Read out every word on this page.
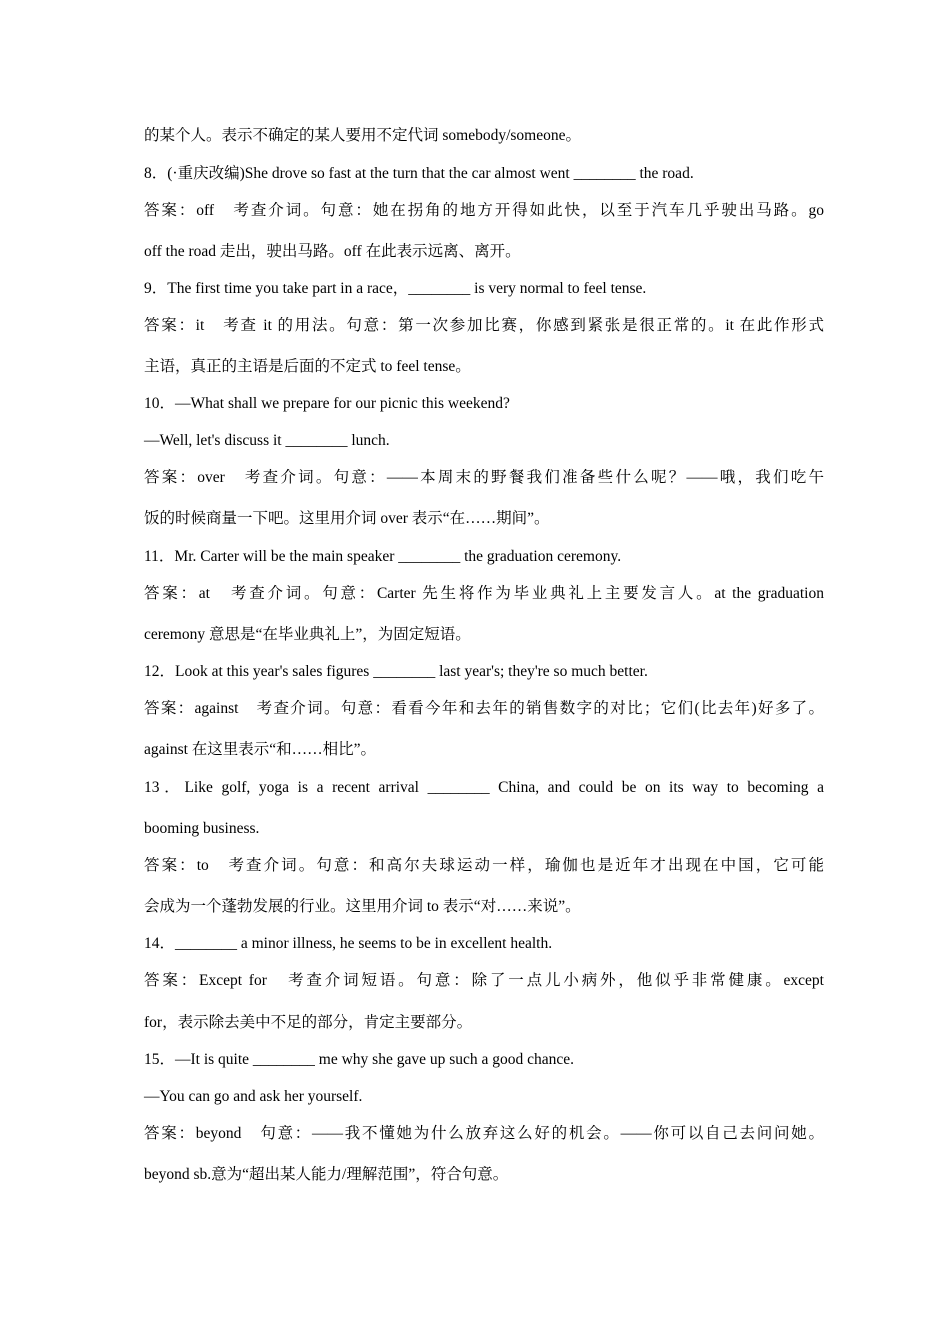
的某个人。表示不确定的某人要用不定代词 somebody/someone。
8．(·重庆改编)She drove so fast at the turn that the car almost went ________ the road.
答案：off　考查介词。句意：她在拐角的地方开得如此快，以至于汽车几乎驶出马路。go
off the road 走出，驶出马路。off 在此表示远离、离开。
9．The first time you take part in a race，________ is very normal to feel tense.
答案：it　考查 it 的用法。句意：第一次参加比赛，你感到紧张是很正常的。it 在此作形式
主语，真正的主语是后面的不定式 to feel tense。
10．—What shall we prepare for our picnic this weekend?
—Well, let's discuss it ________ lunch.
答案：over　考查介词。句意：——本周末的野餐我们准备些什么呢？——哦，我们吃午
饭的时候商量一下吧。这里用介词 over 表示“在……期间”。
11．Mr. Carter will be the main speaker ________ the graduation ceremony.
答案：at　考查介词。句意：Carter 先生将作为毕业典礼上主要发言人。at the graduation
ceremony 意思是“在毕业典礼上”，为固定短语。
12．Look at this year's sales figures ________ last year's; they're so much better.
答案：against　考查介词。句意：看看今年和去年的销售数字的对比；它们(比去年)好多了。
against 在这里表示“和……相比”。
13．Like golf, yoga is a recent arrival ________ China, and could be on its way to becoming a
booming business.
答案：to　考查介词。句意：和高尔夫球运动一样，瑜伽也是近年才出现在中国，它可能
会成为一个蓬勃发展的行业。这里用介词 to 表示“对……来说”。
14．________ a minor illness, he seems to be in excellent health.
答案：Except for　考查介词短语。句意：除了一点儿小病外，他似乎非常健康。except
for，表示除去美中不足的部分，肯定主要部分。
15．—It is quite ________ me why she gave up such a good chance.
—You can go and ask her yourself.
答案：beyond　句意：——我不懂她为什么放弃这么好的机会。——你可以自己去问问她。
beyond sb.意为“超出某人能力/理解范围”，符合句意。
